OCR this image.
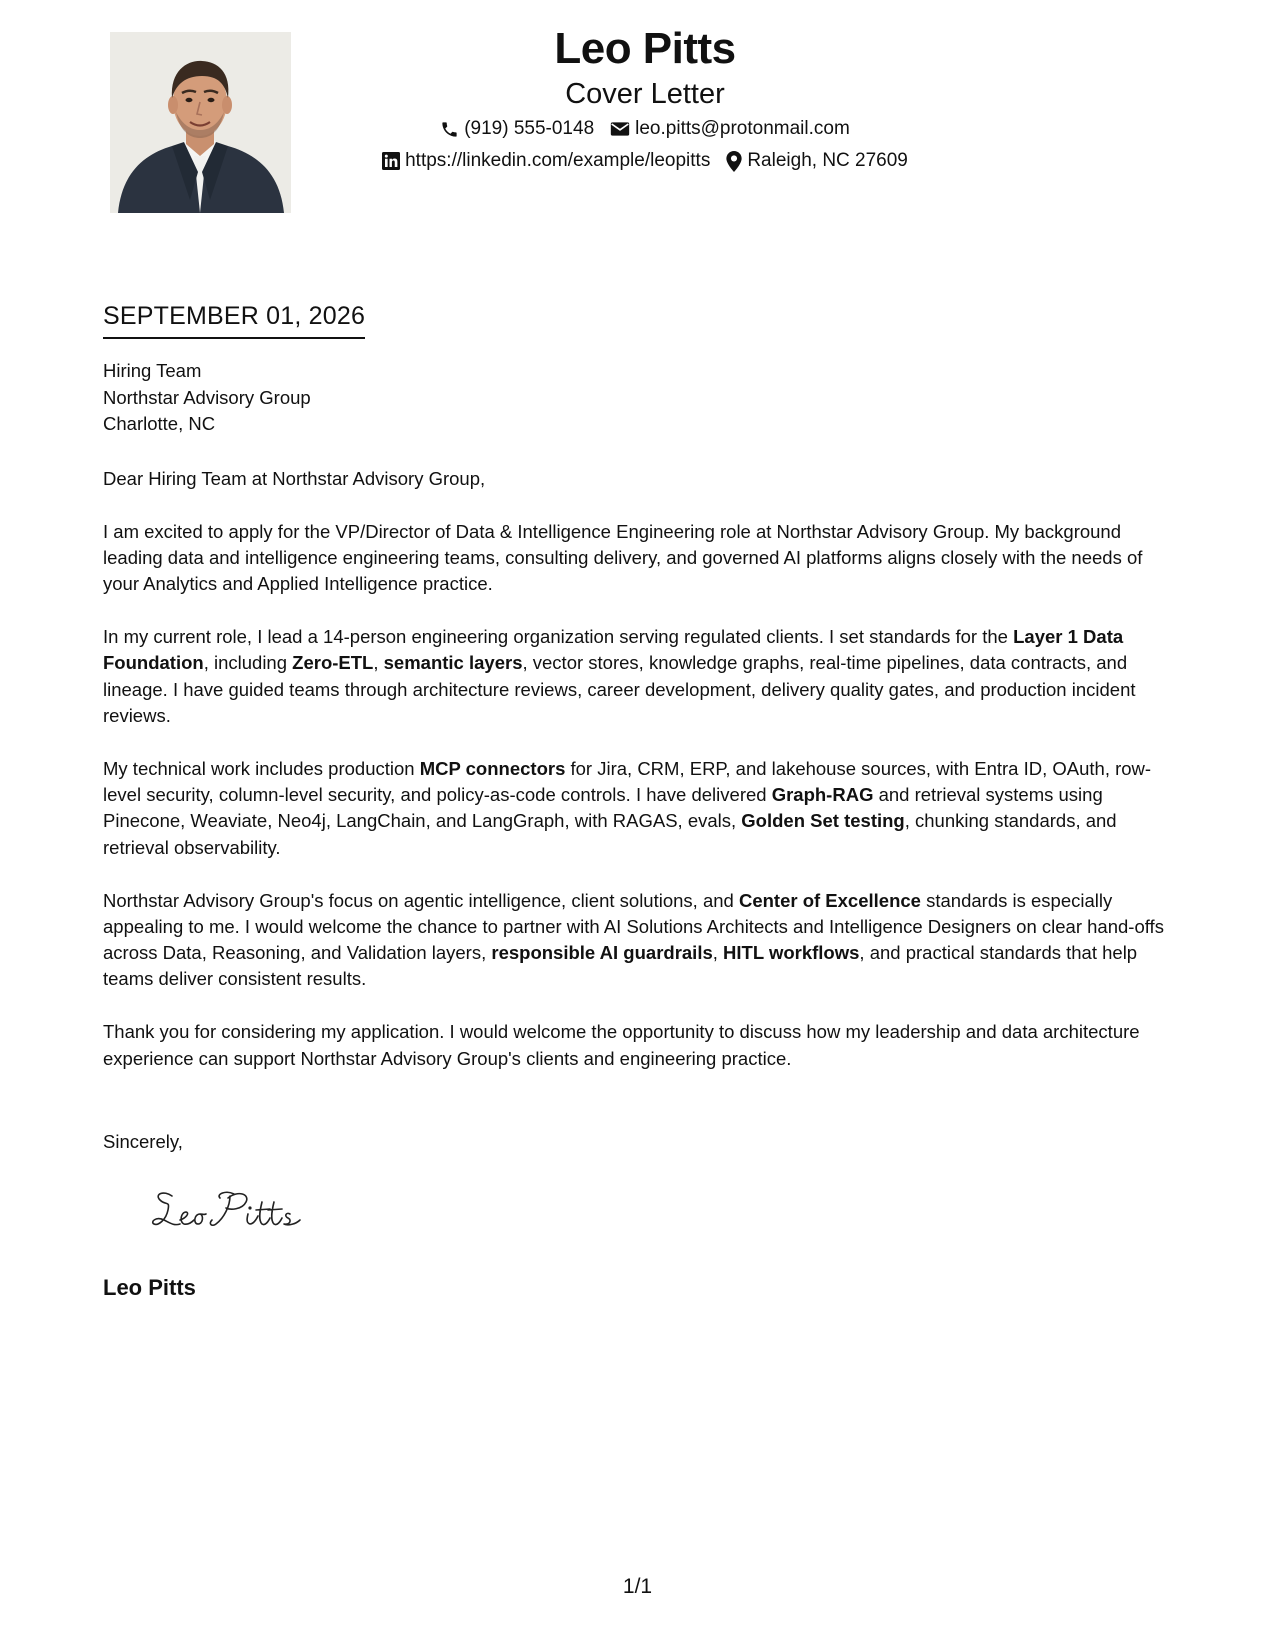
Leo Pitts
Cover Letter
(919) 555-0148 leo.pitts@protonmail.com
https://linkedin.com/example/leopitts Raleigh, NC 27609
SEPTEMBER 01, 2026
Hiring Team
Northstar Advisory Group
Charlotte, NC

Dear Hiring Team at Northstar Advisory Group,

I am excited to apply for the VP/Director of Data & Intelligence Engineering role at Northstar Advisory Group. My background leading data and intelligence engineering teams, consulting delivery, and governed AI platforms aligns closely with the needs of your Analytics and Applied Intelligence practice.

In my current role, I lead a 14-person engineering organization serving regulated clients. I set standards for the Layer 1 Data Foundation, including Zero-ETL, semantic layers, vector stores, knowledge graphs, real-time pipelines, data contracts, and lineage. I have guided teams through architecture reviews, career development, delivery quality gates, and production incident reviews.

My technical work includes production MCP connectors for Jira, CRM, ERP, and lakehouse sources, with Entra ID, OAuth, row-level security, column-level security, and policy-as-code controls. I have delivered Graph-RAG and retrieval systems using Pinecone, Weaviate, Neo4j, LangChain, and LangGraph, with RAGAS, evals, Golden Set testing, chunking standards, and retrieval observability.

Northstar Advisory Group's focus on agentic intelligence, client solutions, and Center of Excellence standards is especially appealing to me. I would welcome the chance to partner with AI Solutions Architects and Intelligence Designers on clear hand-offs across Data, Reasoning, and Validation layers, responsible AI guardrails, HITL workflows, and practical standards that help teams deliver consistent results.

Thank you for considering my application. I would welcome the opportunity to discuss how my leadership and data architecture experience can support Northstar Advisory Group's clients and engineering practice.

Sincerely,
Leo Pitts
1/1
